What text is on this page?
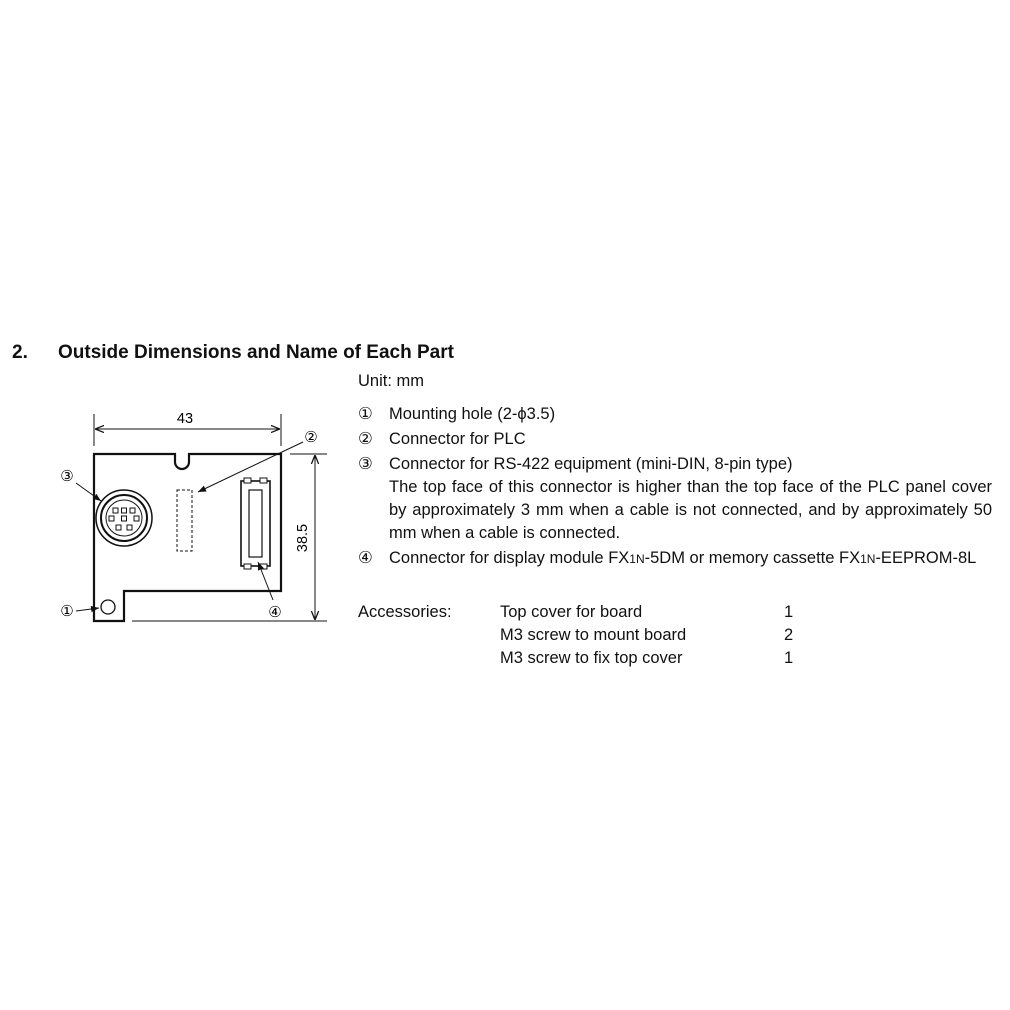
2. Outside Dimensions and Name of Each Part
43
38.5
③
②
④
①
Unit: mm
① Mounting hole (2-ϕ3.5)
② Connector for PLC
③ Connector for RS-422 equipment (mini-DIN, 8-pin type)
The top face of this connector is higher than the top face of the PLC panel cover by approximately 3 mm when a cable is not connected, and by approximately 50 mm when a cable is connected.
④ Connector for display module FX1N-5DM or memory cassette FX1N-EEPROM-8L
Accessories:	Top cover for board	1
M3 screw to mount board	2
M3 screw to fix top cover	1
